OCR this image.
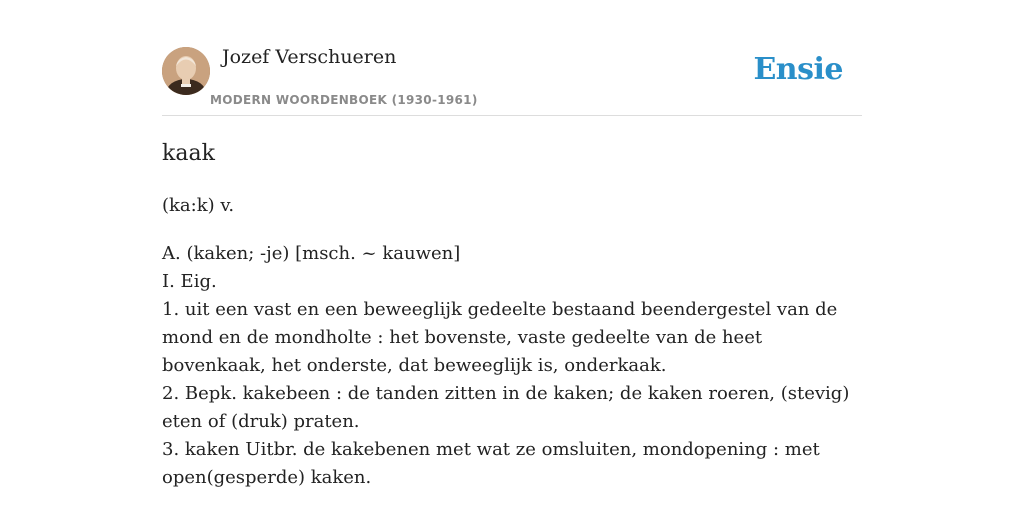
Jozef Verschueren
MODERN WOORDENBOEK (1930-1961)
Ensie
kaak
(ka:k) v.
A. (kaken; -je) [msch. ~ kauwen]
I. Eig.
1. uit een vast en een beweeglijk gedeelte bestaand beendergestel van de mond en de mondholte : het bovenste, vaste gedeelte van de heet bovenkaak, het onderste, dat beweeglijk is, onderkaak.
2. Bepk. kakebeen : de tanden zitten in de kaken; de kaken roeren, (stevig) eten of (druk) praten.
3. kaken Uitbr. de kakebenen met wat ze omsluiten, mondopening : met open(gesperde) kaken.
